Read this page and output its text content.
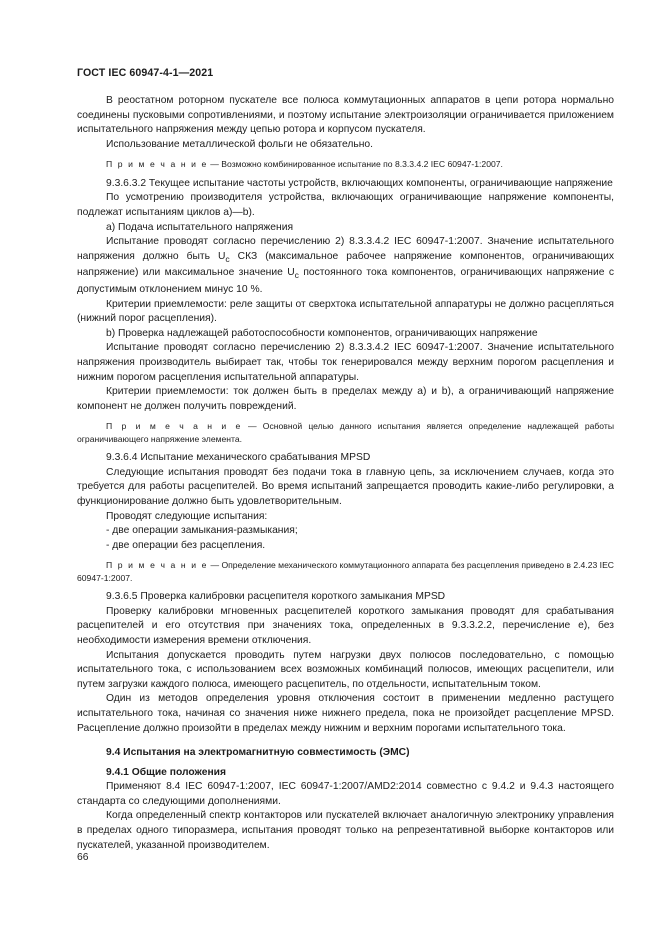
ГОСТ IEC 60947-4-1—2021

В реостатном роторном пускателе все полюса коммутационных аппаратов в цепи ротора нормально соединены пусковыми сопротивлениями, и поэтому испытание электроизоляции ограничивается приложением испытательного напряжения между цепью ротора и корпусом пускателя.

Использование металлической фольги не обязательно.

П р и м е ч а н и е — Возможно комбинированное испытание по 8.3.3.4.2 IEC 60947-1:2007.

9.3.6.3.2 Текущее испытание частоты устройств, включающих компоненты, ограничивающие напряжение

По усмотрению производителя устройства, включающих ограничивающие напряжение компоненты, подлежат испытаниям циклов а)—b).

a) Подача испытательного напряжения

Испытание проводят согласно перечислению 2) 8.3.3.4.2 IEC 60947-1:2007. Значение испытательного напряжения должно быть $U_c$ СКЗ (максимальное рабочее напряжение компонентов, ограничивающих напряжение) или максимальное значение $U_c$ постоянного тока компонентов, ограничивающих напряжение с допустимым отклонением минус 10 %.

Критерии приемлемости: реле защиты от сверхтока испытательной аппаратуры не должно расцепляться (нижний порог расцепления).

b) Проверка надлежащей работоспособности компонентов, ограничивающих напряжение

Испытание проводят согласно перечислению 2) 8.3.3.4.2 IEC 60947-1:2007. Значение испытательного напряжения производитель выбирает так, чтобы ток генерировался между верхним порогом расцепления и нижним порогом расцепления испытательной аппаратуры.

Критерии приемлемости: ток должен быть в пределах между а) и b), а ограничивающий напряжение компонент не должен получить повреждений.

П р и м е ч а н и е — Основной целью данного испытания является определение надлежащей работы ограничивающего напряжение элемента.

9.3.6.4 Испытание механического срабатывания MPSD

Следующие испытания проводят без подачи тока в главную цепь, за исключением случаев, когда это требуется для работы расцепителей. Во время испытаний запрещается проводить какие-либо регулировки, а функционирование должно быть удовлетворительным.

Проводят следующие испытания:

- две операции замыкания-размыкания;

- две операции без расцепления.

П р и м е ч а н и е — Определение механического коммутационного аппарата без расцепления приведено в 2.4.23 IEC 60947-1:2007.

9.3.6.5 Проверка калибровки расцепителя короткого замыкания MPSD

Проверку калибровки мгновенных расцепителей короткого замыкания проводят для срабатывания расцепителей и его отсутствия при значениях тока, определенных в 9.3.3.2.2, перечисление е), без необходимости измерения времени отключения.

Испытания допускается проводить путем нагрузки двух полюсов последовательно, с помощью испытательного тока, с использованием всех возможных комбинаций полюсов, имеющих расцепители, или путем загрузки каждого полюса, имеющего расцепитель, по отдельности, испытательным током.

Один из методов определения уровня отключения состоит в применении медленно растущего испытательного тока, начиная со значения ниже нижнего предела, пока не произойдет расцепление MPSD. Расцепление должно произойти в пределах между нижним и верхним порогами испытательного тока.

9.4 Испытания на электромагнитную совместимость (ЭМС)

9.4.1 Общие положения

Применяют 8.4 IEC 60947-1:2007, IEC 60947-1:2007/AMD2:2014 совместно с 9.4.2 и 9.4.3 настоящего стандарта со следующими дополнениями.

Когда определенный спектр контакторов или пускателей включает аналогичную электронику управления в пределах одного типоразмера, испытания проводят только на репрезентативной выборке контакторов или пускателей, указанной производителем.

66
